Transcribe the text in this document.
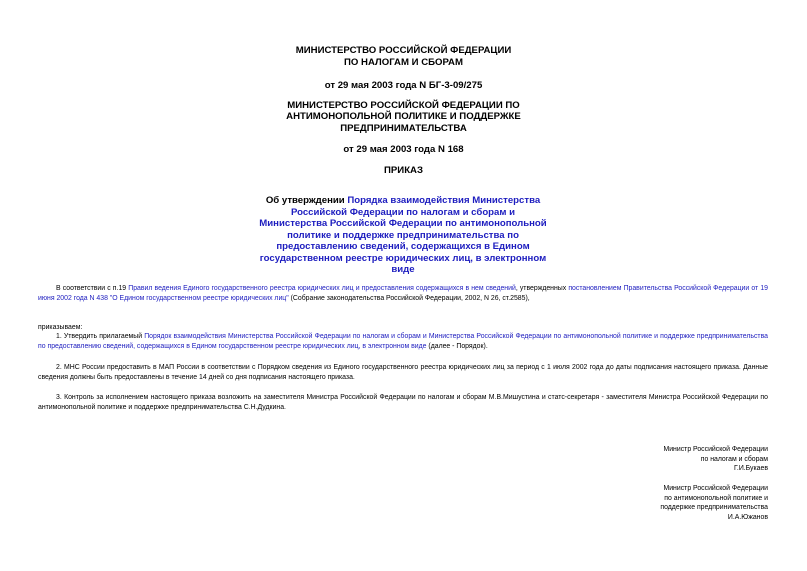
МИНИСТЕРСТВО РОССИЙСКОЙ ФЕДЕРАЦИИ
ПО НАЛОГАМ И СБОРАМ
от 29 мая 2003 года N БГ-3-09/275
МИНИСТЕРСТВО РОССИЙСКОЙ ФЕДЕРАЦИИ ПО
АНТИМОНОПОЛЬНОЙ ПОЛИТИКЕ И ПОДДЕРЖКЕ
ПРЕДПРИНИМАТЕЛЬСТВА
от 29 мая 2003 года N 168
ПРИКАЗ
Об утверждении Порядка взаимодействия Министерства Российской Федерации по налогам и сборам и Министерства Российской Федерации по антимонопольной политике и поддержке предпринимательства по предоставлению сведений, содержащихся в Едином государственном реестре юридических лиц, в электронном виде
В соответствии с п.19 Правил ведения Единого государственного реестра юридических лиц и предоставления содержащихся в нем сведений, утвержденных постановлением Правительства Российской Федерации от 19 июня 2002 года N 438 "О Едином государственном реестре юридических лиц" (Собрание законодательства Российской Федерации, 2002, N 26, ст.2585),
приказываем:
1. Утвердить прилагаемый Порядок взаимодействия Министерства Российской Федерации по налогам и сборам и Министерства Российской Федерации по антимонопольной политике и поддержке предпринимательства по предоставлению сведений, содержащихся в Едином государственном реестре юридических лиц, в электронном виде (далее - Порядок).
2. МНС России предоставить в МАП России в соответствии с Порядком сведения из Единого государственного реестра юридических лиц за период с 1 июля 2002 года до даты подписания настоящего приказа. Данные сведения должны быть предоставлены в течение 14 дней со дня подписания настоящего приказа.
3. Контроль за исполнением настоящего приказа возложить на заместителя Министра Российской Федерации по налогам и сборам М.В.Мишустина и статс-секретаря - заместителя Министра Российской Федерации по антимонопольной политике и поддержке предпринимательства С.Н.Дудкина.
Министр Российской Федерации
по налогам и сборам
Г.И.Букаев
Министр Российской Федерации
по антимонопольной политике и
поддержке предпринимательства
И.А.Южанов
